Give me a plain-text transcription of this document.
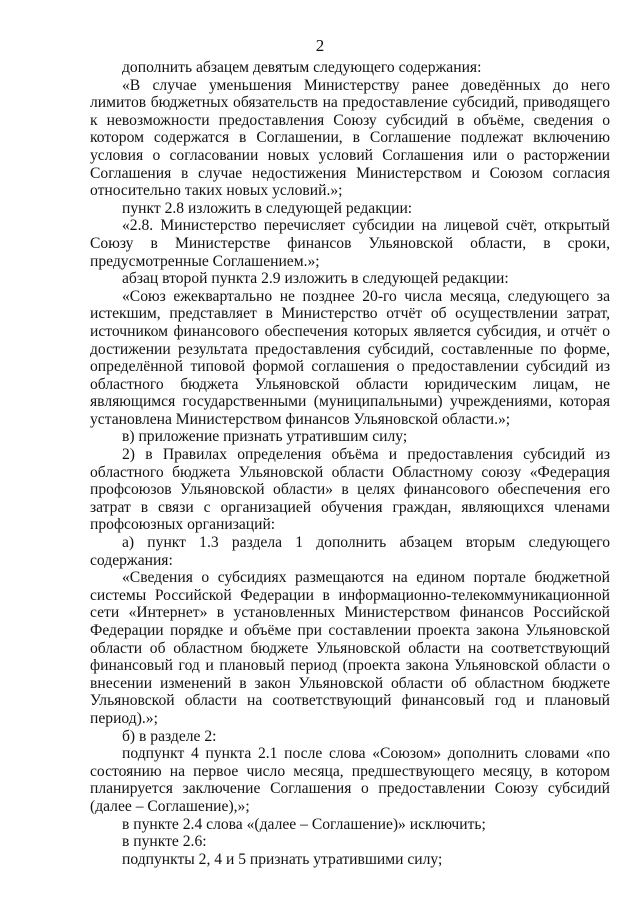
2

дополнить абзацем девятым следующего содержания:

«В случае уменьшения Министерству ранее доведённых до него лимитов бюджетных обязательств на предоставление субсидий, приводящего к невозможности предоставления Союзу субсидий в объёме, сведения о котором содержатся в Соглашении, в Соглашение подлежат включению условия о согласовании новых условий Соглашения или о расторжении Соглашения в случае недостижения Министерством и Союзом согласия относительно таких новых условий.»;

пункт 2.8 изложить в следующей редакции:

«2.8. Министерство перечисляет субсидии на лицевой счёт, открытый Союзу в Министерстве финансов Ульяновской области, в сроки, предусмотренные Соглашением.»;

абзац второй пункта 2.9 изложить в следующей редакции:

«Союз ежеквартально не позднее 20-го числа месяца, следующего за истекшим, представляет в Министерство отчёт об осуществлении затрат, источником финансового обеспечения которых является субсидия, и отчёт о достижении результата предоставления субсидий, составленные по форме, определённой типовой формой соглашения о предоставлении субсидий из областного бюджета Ульяновской области юридическим лицам, не являющимся государственными (муниципальными) учреждениями, которая установлена Министерством финансов Ульяновской области.»;

в) приложение признать утратившим силу;

2) в Правилах определения объёма и предоставления субсидий из областного бюджета Ульяновской области Областному союзу «Федерация профсоюзов Ульяновской области» в целях финансового обеспечения его затрат в связи с организацией обучения граждан, являющихся членами профсоюзных организаций:

а) пункт 1.3 раздела 1 дополнить абзацем вторым следующего содержания:

«Сведения о субсидиях размещаются на едином портале бюджетной системы Российской Федерации в информационно-телекоммуникационной сети «Интернет» в установленных Министерством финансов Российской Федерации порядке и объёме при составлении проекта закона Ульяновской области об областном бюджете Ульяновской области на соответствующий финансовый год и плановый период (проекта закона Ульяновской области о внесении изменений в закон Ульяновской области об областном бюджете Ульяновской области на соответствующий финансовый год и плановый период).»;

б) в разделе 2:

подпункт 4 пункта 2.1 после слова «Союзом» дополнить словами «по состоянию на первое число месяца, предшествующего месяцу, в котором планируется заключение Соглашения о предоставлении Союзу субсидий (далее – Соглашение),»;

в пункте 2.4 слова «(далее – Соглашение)» исключить;

в пункте 2.6:

подпункты 2, 4 и 5 признать утратившими силу;
